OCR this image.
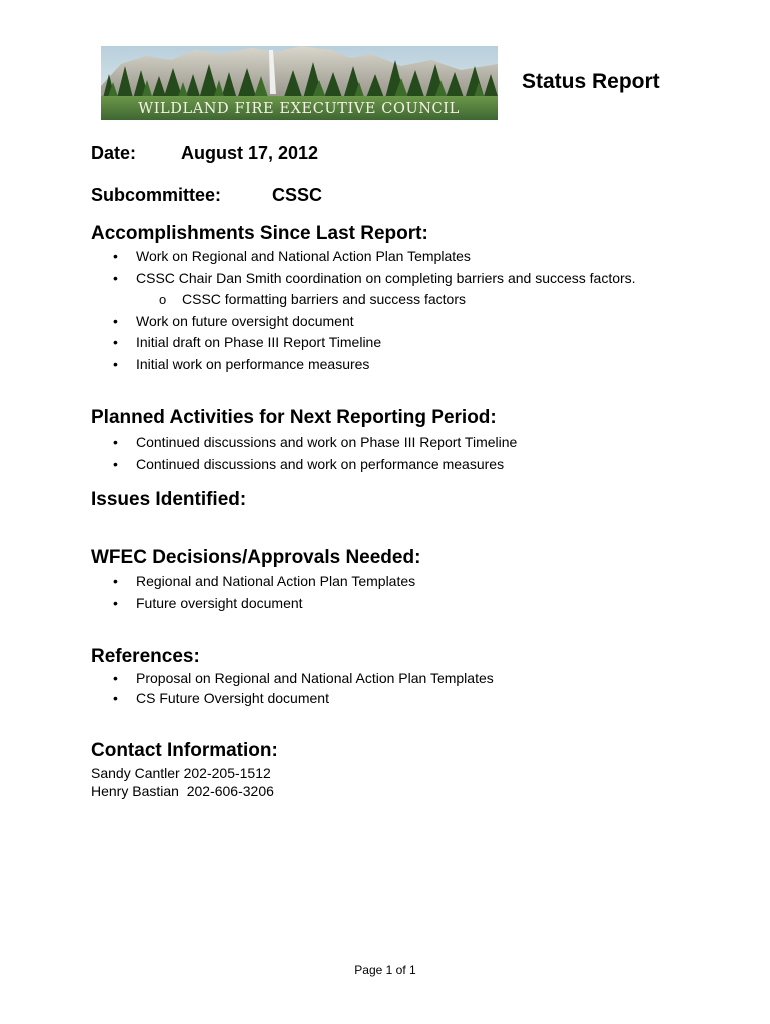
WILDLAND FIRE EXECUTIVE COUNCIL
Status Report
Date: August 17, 2012
Subcommittee:	CSSC
Accomplishments Since Last Report:
• Work on Regional and National Action Plan Templates
• CSSC Chair Dan Smith coordination on completing barriers and success factors.
o CSSC formatting barriers and success factors
• Work on future oversight document
• Initial draft on Phase III Report Timeline
• Initial work on performance measures
Planned Activities for Next Reporting Period:
• Continued discussions and work on Phase III Report Timeline
• Continued discussions and work on performance measures
Issues Identified:
WFEC Decisions/Approvals Needed:
• Regional and National Action Plan Templates
• Future oversight document
References:
• Proposal on Regional and National Action Plan Templates
• CS Future Oversight document
Contact Information:
Sandy Cantler 202-205-1512
Henry Bastian  202-606-3206
Page 1 of 1
